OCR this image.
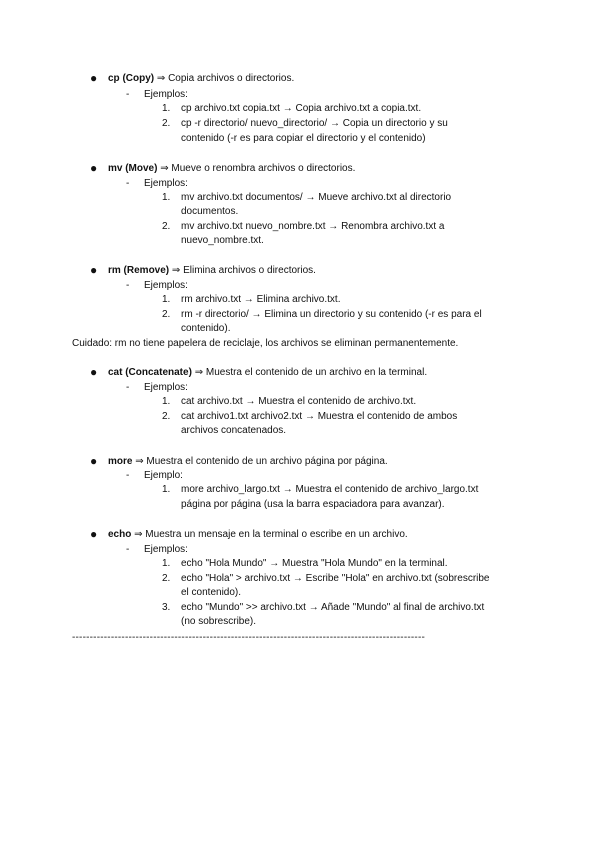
● cp (Copy) ⇒ Copia archivos o directorios.
- Ejemplos:
1. cp archivo.txt copia.txt → Copia archivo.txt a copia.txt.
2. cp -r directorio/ nuevo_directorio/ → Copia un directorio y su
contenido (-r es para copiar el directorio y el contenido)
● mv (Move) ⇒ Mueve o renombra archivos o directorios.
- Ejemplos:
1. mv archivo.txt documentos/ → Mueve archivo.txt al directorio
documentos.
2. mv archivo.txt nuevo_nombre.txt → Renombra archivo.txt a
nuevo_nombre.txt.
● rm (Remove) ⇒ Elimina archivos o directorios.
- Ejemplos:
1. rm archivo.txt → Elimina archivo.txt.
2. rm -r directorio/ → Elimina un directorio y su contenido (-r es para el
contenido).
Cuidado: rm no tiene papelera de reciclaje, los archivos se eliminan permanentemente.
● cat (Concatenate) ⇒ Muestra el contenido de un archivo en la terminal.
- Ejemplos:
1. cat archivo.txt → Muestra el contenido de archivo.txt.
2. cat archivo1.txt archivo2.txt → Muestra el contenido de ambos
archivos concatenados.
● more ⇒ Muestra el contenido de un archivo página por página.
- Ejemplo:
1. more archivo_largo.txt → Muestra el contenido de archivo_largo.txt
página por página (usa la barra espaciadora para avanzar).
● echo ⇒ Muestra un mensaje en la terminal o escribe en un archivo.
- Ejemplos:
1. echo "Hola Mundo" → Muestra "Hola Mundo" en la terminal.
2. echo "Hola" > archivo.txt → Escribe "Hola" en archivo.txt (sobrescribe
el contenido).
3. echo "Mundo" >> archivo.txt → Añade "Mundo" al final de archivo.txt
(no sobrescribe).
----------------------------------------------------------------------------------------------------
